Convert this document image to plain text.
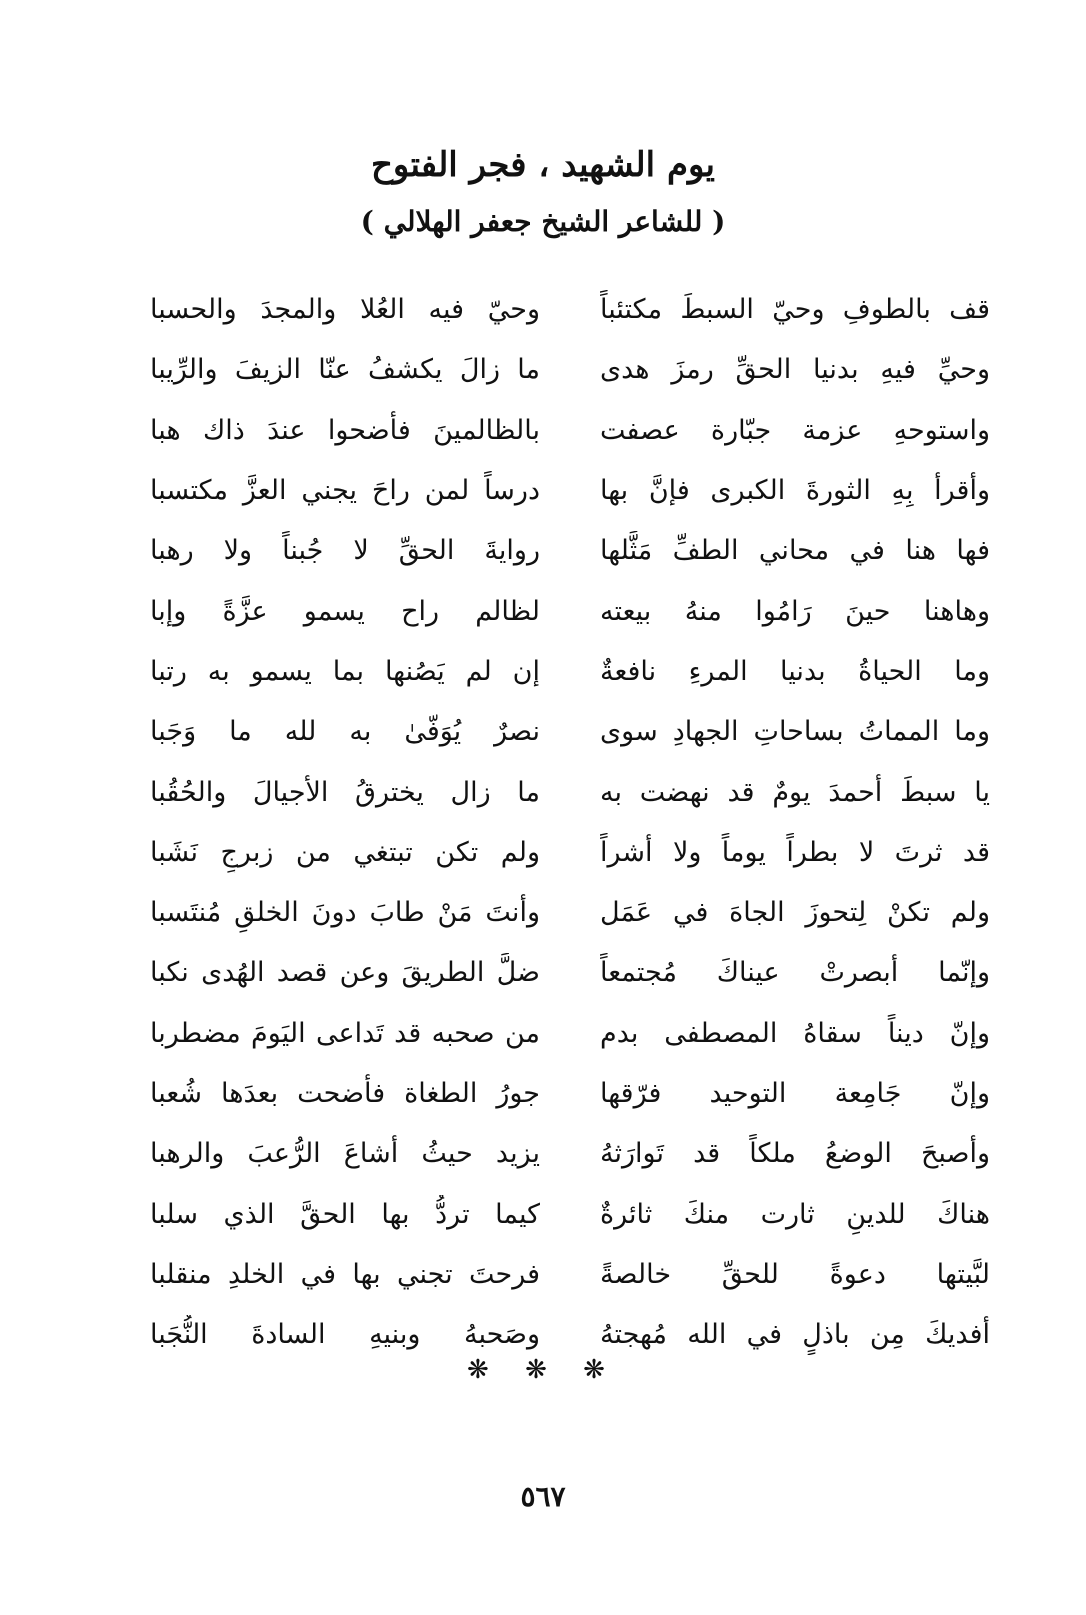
يوم الشهيد ، فجر الفتوح
( للشاعر الشيخ جعفر الهلالي )
قف بالطوفِ وحيّ السبطَ مكتئباً
وحيّ فيه العُلا والمجدَ والحسبا
وحيِّ فيهِ بدنيا الحقِّ رمزَ هدى
ما زالَ يكشفُ عنّا الزيفَ والرِّيبا
واستوحهِ عزمة جبّارة عصفت
بالظالمينَ فأضحوا عندَ ذاك هبا
وأقرأ بِهِ الثورةَ الكبرى فإنَّ بها
درساً لمن راحَ يجني العزَّ مكتسبا
فها هنا في محاني الطفِّ مَثَّلها
روايةَ الحقِّ لا جُبناً ولا رهبا
وهاهنا حينَ رَامُوا منهُ بيعته
لظالم راح يسمو عزَّةً وإبا
وما الحياةُ بدنيا المرءِ نافعةٌ
إن لم يَصُنها بما يسمو به رتبا
وما المماتُ بساحاتِ الجهادِ سوى
نصرٌ يُوَفّىٰ به لله ما وَجَبا
يا سبطَ أحمدَ يومٌ قد نهضت به
ما زال يخترقُ الأجيالَ والحُقُبا
قد ثرتَ لا بطراً يوماً ولا أشراً
ولم تكن تبتغي من زبرجٍ نَشَبا
ولم تكنْ لِتحوزَ الجاهَ في عَمَل
وأنتَ مَنْ طابَ دونَ الخلقِ مُنتَسبا
وإنّما أبصرتْ عيناكَ مُجتمعاً
ضلَّ الطريقَ وعن قصد الهُدى نكبا
وإنّ ديناً سقاهُ المصطفى بدم
من صحبه قد تَداعى اليَومَ مضطربا
وإنّ جَامِعة التوحيد فرّقها
جورُ الطغاة فأضحت بعدَها شُعبا
وأصبحَ الوضعُ ملكاً قد تَوارَثهُ
يزيد حيثُ أشاعَ الرُّعبَ والرهبا
هناكَ للدينِ ثارت منكَ ثائرةٌ
كيما تردُّ بها الحقَّ الذي سلبا
لبَّيتها دعوةً للحقِّ خالصةً
فرحتَ تجني بها في الخلدِ منقلبا
أفديكَ مِن باذلٍ في الله مُهجتهُ
وصَحبهُ وبنيهِ السادةَ النُّجَبا
❋ ❋ ❋
٥٦٧
